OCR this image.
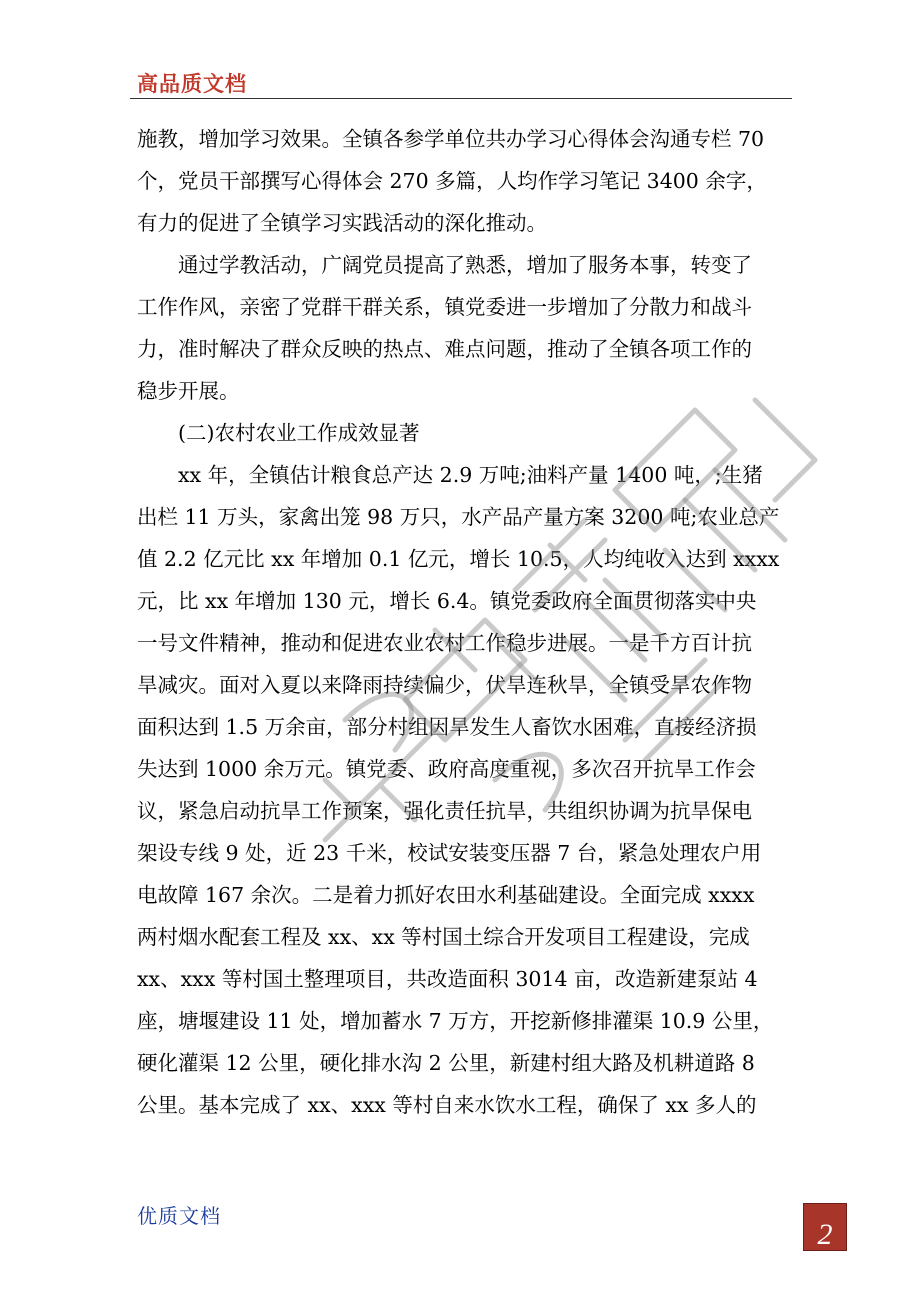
高品质文档
施教，增加学习效果。全镇各参学单位共办学习心得体会沟通专栏 70
个，党员干部撰写心得体会 270 多篇，人均作学习笔记 3400 余字，
有力的促进了全镇学习实践活动的深化推动。
　　通过学教活动，广阔党员提高了熟悉，增加了服务本事，转变了
工作作风，亲密了党群干群关系，镇党委进一步增加了分散力和战斗
力，准时解决了群众反映的热点、难点问题，推动了全镇各项工作的
稳步开展。
　　(二)农村农业工作成效显著
　　xx 年，全镇估计粮食总产达 2.9 万吨;油料产量 1400 吨，;生猪
出栏 11 万头，家禽出笼 98 万只，水产品产量方案 3200 吨;农业总产
值 2.2 亿元比 xx 年增加 0.1 亿元，增长 10.5，人均纯收入达到 xxxx
元，比 xx 年增加 130 元，增长 6.4。镇党委政府全面贯彻落实中央
一号文件精神，推动和促进农业农村工作稳步进展。一是千方百计抗
旱减灾。面对入夏以来降雨持续偏少，伏旱连秋旱，全镇受旱农作物
面积达到 1.5 万余亩，部分村组因旱发生人畜饮水困难，直接经济损
失达到 1000 余万元。镇党委、政府高度重视，多次召开抗旱工作会
议，紧急启动抗旱工作预案，强化责任抗旱，共组织协调为抗旱保电
架设专线 9 处，近 23 千米，校试安装变压器 7 台，紧急处理农户用
电故障 167 余次。二是着力抓好农田水利基础建设。全面完成 xxxx
两村烟水配套工程及 xx、xx 等村国土综合开发项目工程建设，完成
xx、xxx 等村国土整理项目，共改造面积 3014 亩，改造新建泵站 4
座，塘堰建设 11 处，增加蓄水 7 万方，开挖新修排灌渠 10.9 公里，
硬化灌渠 12 公里，硬化排水沟 2 公里，新建村组大路及机耕道路 8
公里。基本完成了 xx、xxx 等村自来水饮水工程，确保了 xx 多人的
优质文档
2
